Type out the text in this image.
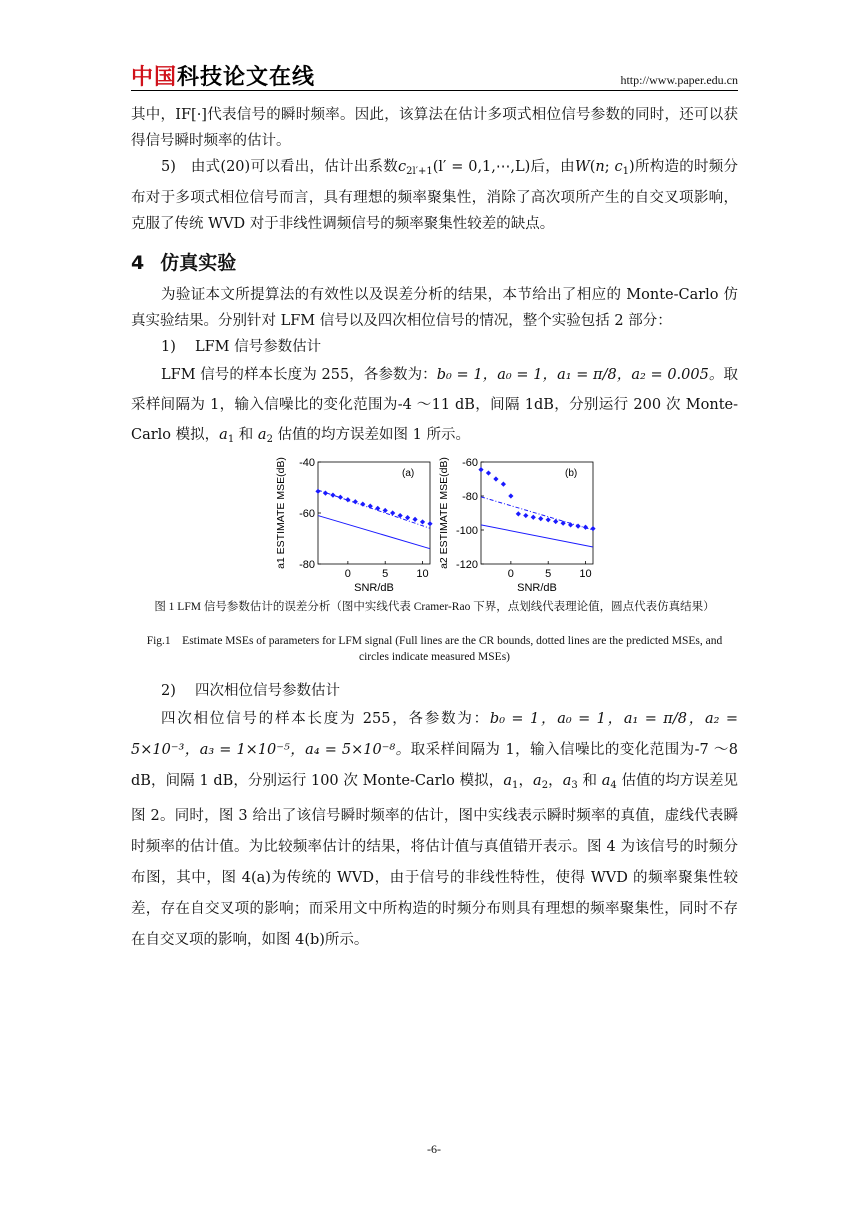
中国科技论文在线	http://www.paper.edu.cn

其中，IF[·]代表信号的瞬时频率。因此，该算法在估计多项式相位信号参数的同时，还可以获得信号瞬时频率的估计。

5)　由式(20)可以看出，估计出系数$c_{2l'+1}(l'$ = 0,1,⋯,L)后，由W(n; $c_1$)所构造的时频分布对于多项式相位信号而言，具有理想的频率聚集性，消除了高次项所产生的自交叉项影响，克服了传统 WVD 对于非线性调频信号的频率聚集性较差的缺点。

4 仿真实验

为验证本文所提算法的有效性以及误差分析的结果，本节给出了相应的 Monte-Carlo 仿真实验结果。分别针对 LFM 信号以及四次相位信号的情况，整个实验包括 2 部分：

1)　 LFM 信号参数估计

LFM 信号的样本长度为 255，各参数为：b₀ = 1，a₀ = 1，a₁ = π/8，a₂ = 0.005。取采样间隔为 1，输入信噪比的变化范围为-4 ～11 dB，间隔 1dB，分别运行 200 次 Monte-Carlo 模拟，$a_1$ 和 $a_2$ 估值的均方误差如图 1 所示。

0	5	10
-40
-60
-80
SNR/dB
a1 ESTIMATE MSE(dB)	(a)
0	5	10
-60
-80
-100
-120
SNR/dB
a2 ESTIMATE MSE(dB)	(b)
图 1 LFM 信号参数估计的误差分析（图中实线代表 Cramer-Rao 下界，点划线代表理论值，圆点代表仿真结果）
Fig.1　Estimate MSEs of parameters for LFM signal (Full lines are the CR bounds, dotted lines are the predicted MSEs, and circles indicate measured MSEs)

2)　 四次相位信号参数估计

四次相位信号的样本长度为 255，各参数为：b₀ = 1，a₀ = 1，a₁ = π/8，a₂ = 5×10⁻³，a₃ = 1×10⁻⁵，a₄ = 5×10⁻⁸。取采样间隔为 1，输入信噪比的变化范围为-7 ～8 dB，间隔 1 dB，分别运行 100 次 Monte-Carlo 模拟，$a_1$，$a_2$，$a_3$ 和 $a_4$ 估值的均方误差见图 2。同时，图 3 给出了该信号瞬时频率的估计，图中实线表示瞬时频率的真值，虚线代表瞬时频率的估计值。为比较频率估计的结果，将估计值与真值错开表示。图 4 为该信号的时频分布图，其中，图 4(a)为传统的 WVD，由于信号的非线性特性，使得 WVD 的频率聚集性较差，存在自交叉项的影响；而采用文中所构造的时频分布则具有理想的频率聚集性，同时不存在自交叉项的影响，如图 4(b)所示。

-6-
